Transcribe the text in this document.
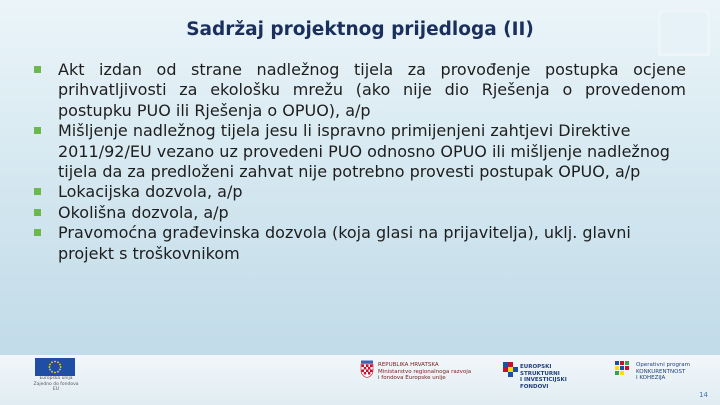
Sadržaj projektnog prijedloga (II)
Akt izdan od strane nadležnog tijela za provođenje postupka ocjene prihvatljivosti za ekološku mrežu (ako nije dio Rješenja o provedenom postupku PUO ili Rješenja o OPUO), a/p
Mišljenje nadležnog tijela jesu li ispravno primijenjeni zahtjevi Direktive 2011/92/EU vezano uz provedeni PUO odnosno OPUO ili mišljenje nadležnog tijela da za predloženi zahvat nije potrebno provesti postupak OPUO, a/p
Lokacijska dozvola, a/p
Okolišna dozvola, a/p
Pravomoćna građevinska dozvola (koja glasi na prijavitelja), uklj. glavni projekt s troškovnikom
Europska unija Zajedno do fondova EU
REPUBLIKA HRVATSKA
Ministarstvo regionalnoga razvoja
i fondova Europske unije
EUROPSKI STRUKTURNI
I INVESTICIJSKI FONDOVI
Operativni program
KONKURENTNOST
I KOHEZIJA
14
